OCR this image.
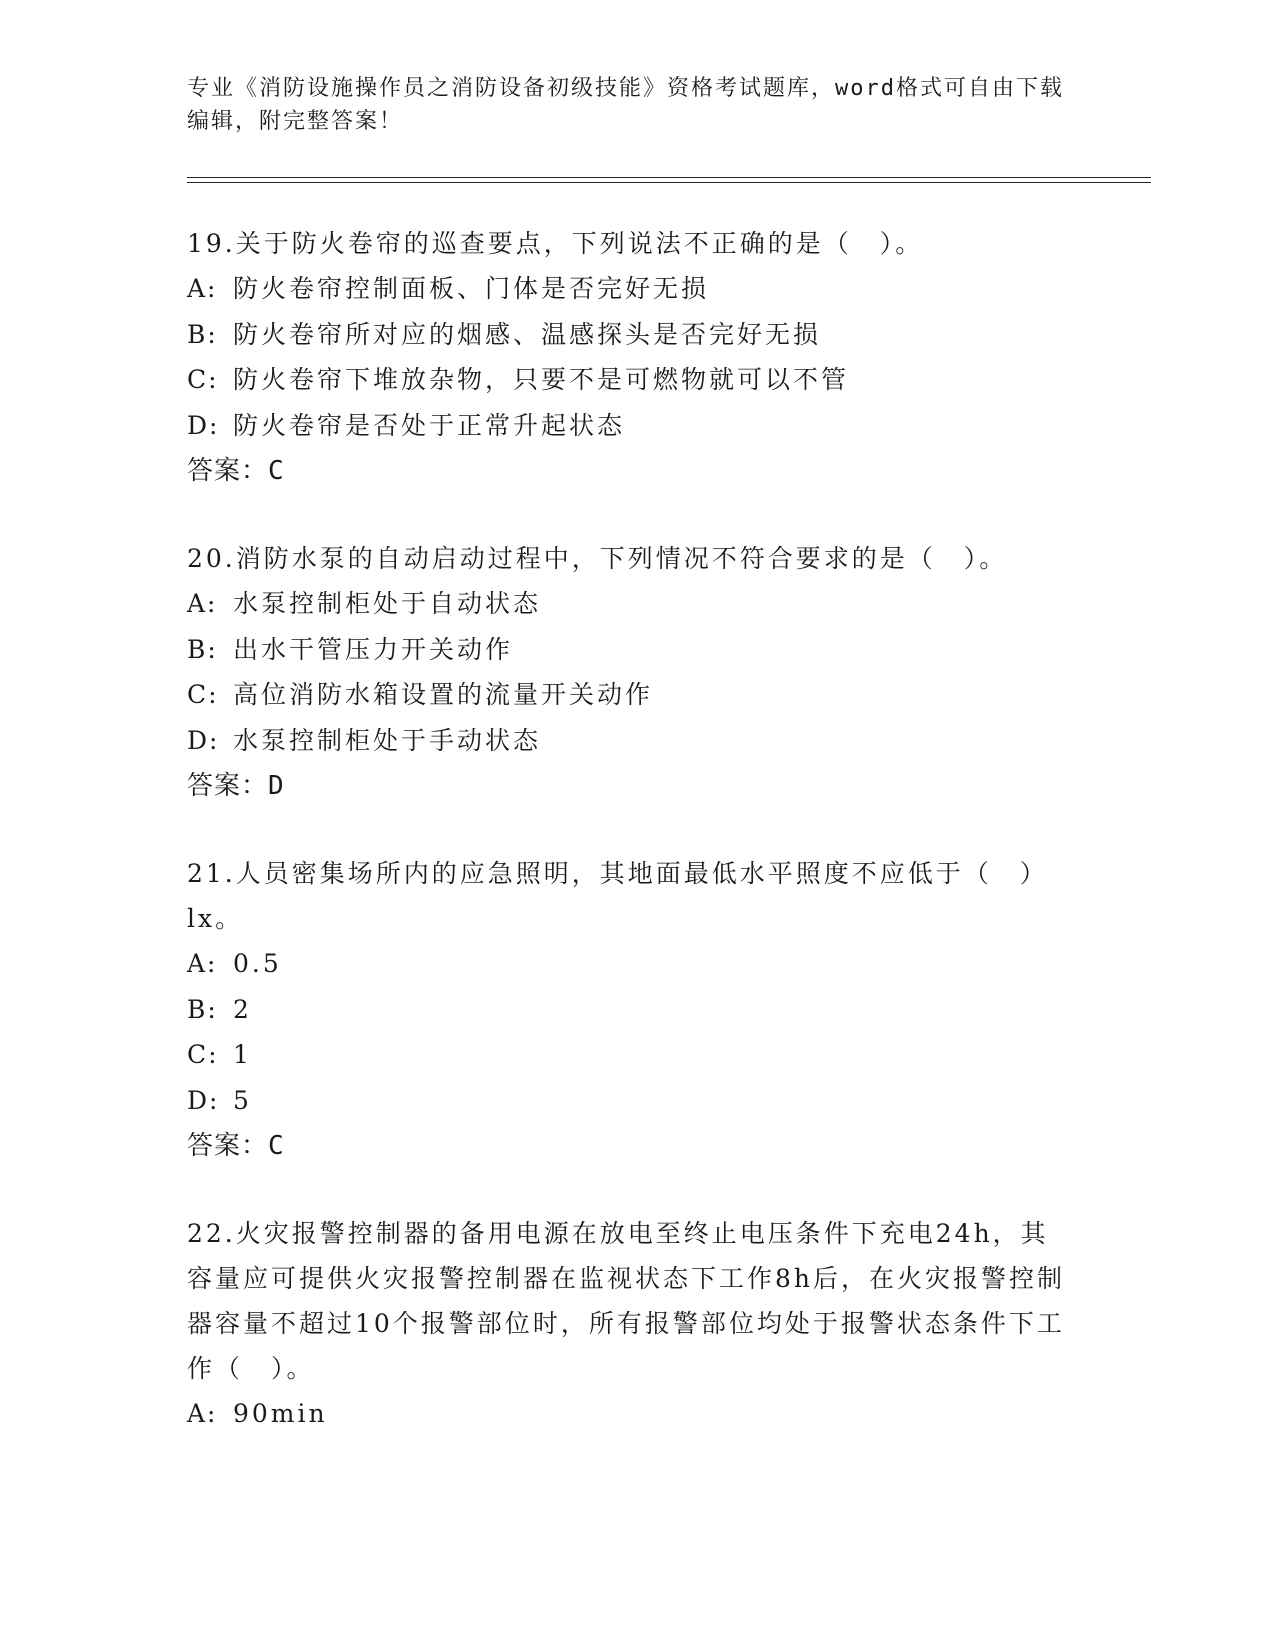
专业《消防设施操作员之消防设备初级技能》资格考试题库，word格式可自由下载编辑，附完整答案！

19.关于防火卷帘的巡查要点，下列说法不正确的是（　）。

A: 防火卷帘控制面板、门体是否完好无损

B: 防火卷帘所对应的烟感、温感探头是否完好无损

C: 防火卷帘下堆放杂物，只要不是可燃物就可以不管

D: 防火卷帘是否处于正常升起状态

答案：C

20.消防水泵的自动启动过程中，下列情况不符合要求的是（　）。

A: 水泵控制柜处于自动状态

B: 出水干管压力开关动作

C: 高位消防水箱设置的流量开关动作

D: 水泵控制柜处于手动状态

答案：D

21.人员密集场所内的应急照明，其地面最低水平照度不应低于（　）lx。

A: 0.5

B: 2

C: 1

D: 5

答案：C

22.火灾报警控制器的备用电源在放电至终止电压条件下充电24h，其容量应可提供火灾报警控制器在监视状态下工作8h后，在火灾报警控制器容量不超过10个报警部位时，所有报警部位均处于报警状态条件下工作（　）。

A: 90min
